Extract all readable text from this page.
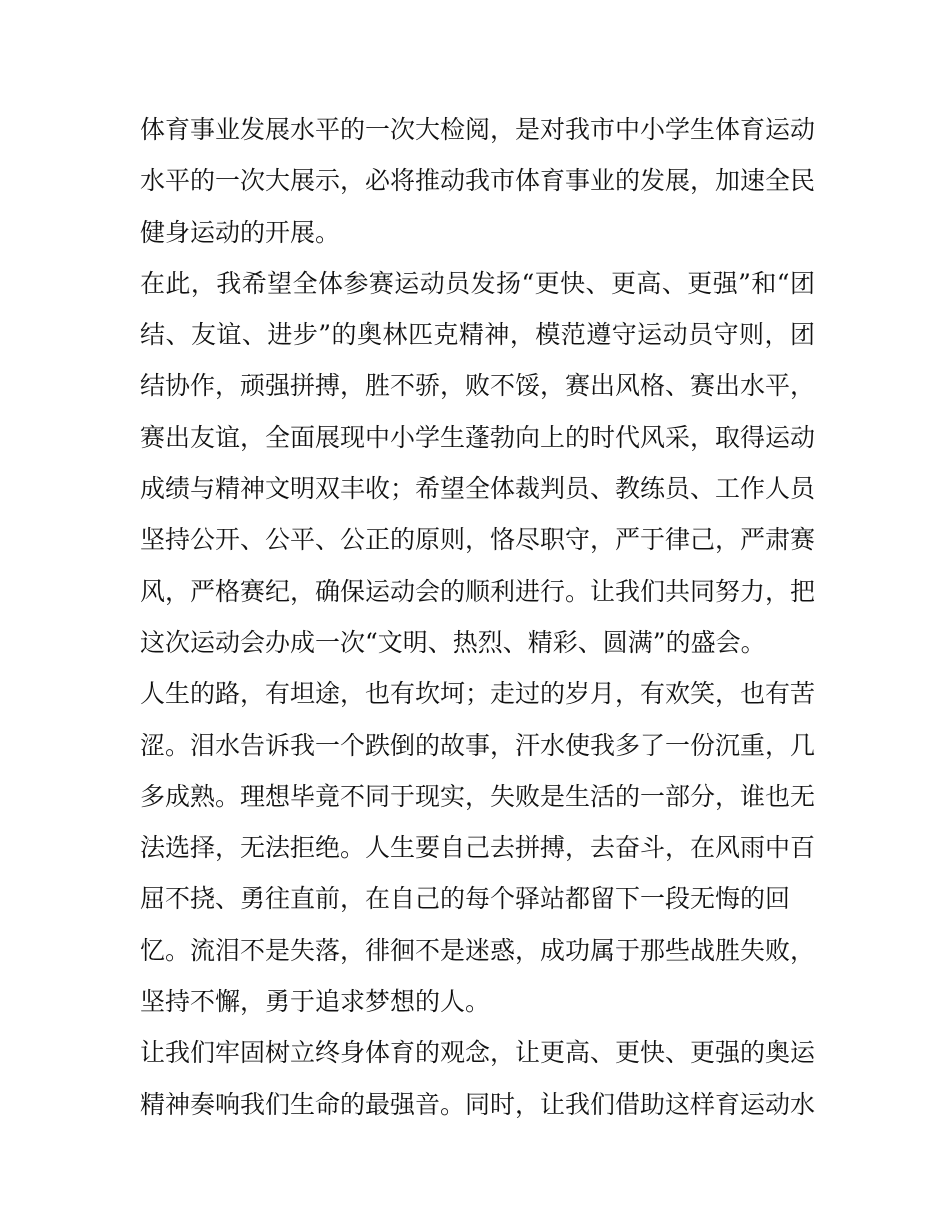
体育事业发展水平的一次大检阅，是对我市中小学生体育运动
水平的一次大展示，必将推动我市体育事业的发展，加速全民
健身运动的开展。
在此，我希望全体参赛运动员发扬“更快、更高、更强”和“团
结、友谊、进步”的奥林匹克精神，模范遵守运动员守则，团
结协作，顽强拼搏，胜不骄，败不馁，赛出风格、赛出水平，
赛出友谊，全面展现中小学生蓬勃向上的时代风采，取得运动
成绩与精神文明双丰收；希望全体裁判员、教练员、工作人员
坚持公开、公平、公正的原则，恪尽职守，严于律己，严肃赛
风，严格赛纪，确保运动会的顺利进行。让我们共同努力，把
这次运动会办成一次“文明、热烈、精彩、圆满”的盛会。
人生的路，有坦途，也有坎坷；走过的岁月，有欢笑，也有苦
涩。泪水告诉我一个跌倒的故事，汗水使我多了一份沉重，几
多成熟。理想毕竟不同于现实，失败是生活的一部分，谁也无
法选择，无法拒绝。人生要自己去拼搏，去奋斗，在风雨中百
屈不挠、勇往直前，在自己的每个驿站都留下一段无悔的回
忆。流泪不是失落，徘徊不是迷惑，成功属于那些战胜失败，
坚持不懈，勇于追求梦想的人。
让我们牢固树立终身体育的观念，让更高、更快、更强的奥运
精神奏响我们生命的最强音。同时，让我们借助这样育运动水
